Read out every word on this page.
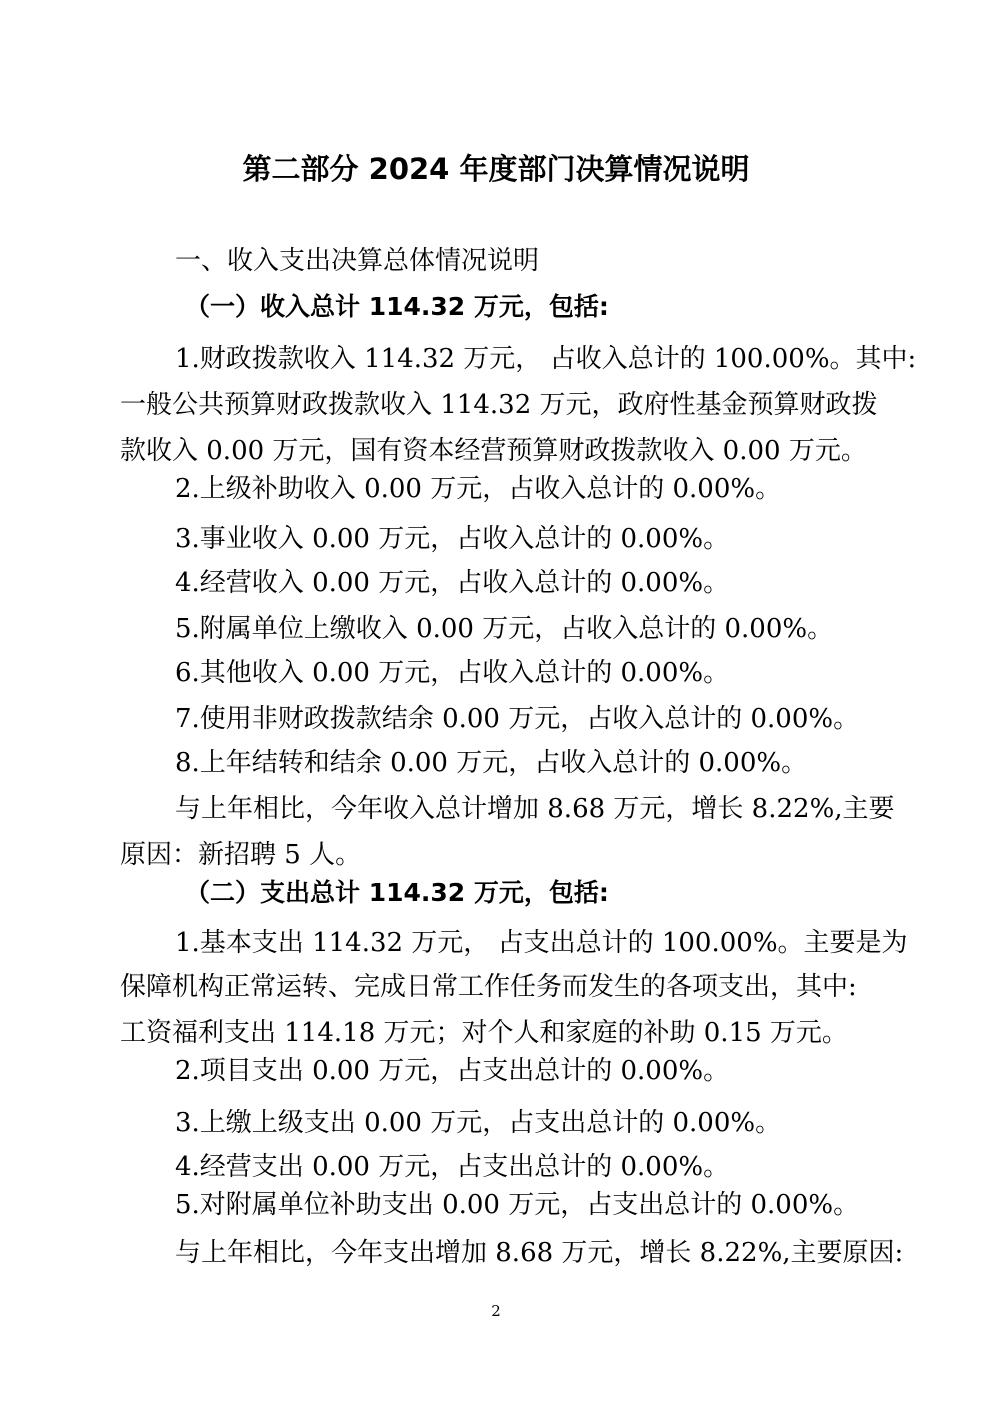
第二部分 2024 年度部门决算情况说明
一、收入支出决算总体情况说明
（一）收入总计 114.32 万元，包括:
1.财政拨款收入 114.32 万元， 占收入总计的 100.00%。其中:
一般公共预算财政拨款收入 114.32 万元，政府性基金预算财政拨
款收入 0.00 万元，国有资本经营预算财政拨款收入 0.00 万元。
2.上级补助收入 0.00 万元，占收入总计的 0.00%。
3.事业收入 0.00 万元，占收入总计的 0.00%。
4.经营收入 0.00 万元，占收入总计的 0.00%。
5.附属单位上缴收入 0.00 万元，占收入总计的 0.00%。
6.其他收入 0.00 万元，占收入总计的 0.00%。
7.使用非财政拨款结余 0.00 万元，占收入总计的 0.00%。
8.上年结转和结余 0.00 万元，占收入总计的 0.00%。
与上年相比，今年收入总计增加 8.68 万元，增长 8.22%,主要
原因：新招聘 5 人。
（二）支出总计 114.32 万元，包括:
1.基本支出 114.32 万元， 占支出总计的 100.00%。主要是为
保障机构正常运转、完成日常工作任务而发生的各项支出，其中:
工资福利支出 114.18 万元；对个人和家庭的补助 0.15 万元。
2.项目支出 0.00 万元，占支出总计的 0.00%。
3.上缴上级支出 0.00 万元，占支出总计的 0.00%。
4.经营支出 0.00 万元，占支出总计的 0.00%。
5.对附属单位补助支出 0.00 万元，占支出总计的 0.00%。
与上年相比，今年支出增加 8.68 万元，增长 8.22%,主要原因:
2
